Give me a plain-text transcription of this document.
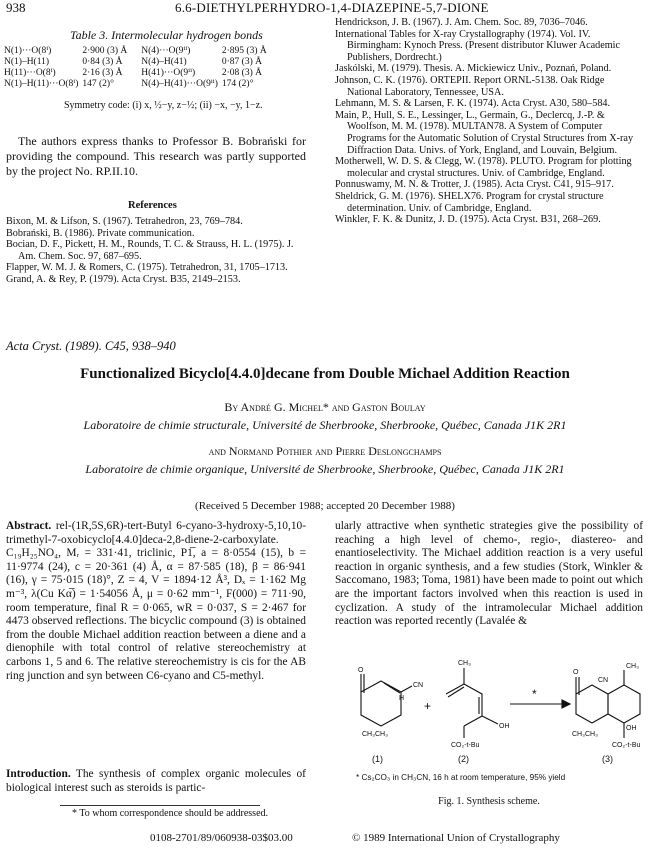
938	6.6-DIETHYLPERHYDRO-1,4-DIAZEPINE-5,7-DIONE
Table 3. Intermolecular hydrogen bonds
N(1)···O(8ⁱ)	2·900 (3) Å	N(4)···O(9ⁱⁱ)	2·895 (3) Å
N(1)–H(11)	0·84 (3) Å	N(4)–H(41)	0·87 (3) Å
H(11)···O(8ⁱ)	2·16 (3) Å	H(41)···O(9ⁱⁱ)	2·08 (3) Å
N(1)–H(11)···O(8ⁱ)	147 (2)°	N(4)–H(41)···O(9ⁱⁱ)	174 (2)°
Symmetry code: (i) x, ½−y, z−½; (ii) −x, −y, 1−z.
The authors express thanks to Professor B. Bobrański for providing the compound. This research was partly supported by the project No. RP.II.10.
References

Bixon, M. & Lifson, S. (1967). Tetrahedron, 23, 769–784.

Bobrański, B. (1986). Private communication.

Bocian, D. F., Pickett, H. M., Rounds, T. C. & Strauss, H. L. (1975). J. Am. Chem. Soc. 97, 687–695.

Flapper, W. M. J. & Romers, C. (1975). Tetrahedron, 31, 1705–1713.

Grand, A. & Rey, P. (1979). Acta Cryst. B35, 2149–2153.

Hendrickson, J. B. (1967). J. Am. Chem. Soc. 89, 7036–7046.

International Tables for X-ray Crystallography (1974). Vol. IV. Birmingham: Kynoch Press. (Present distributor Kluwer Academic Publishers, Dordrecht.)

Jaskólski, M. (1979). Thesis. A. Mickiewicz Univ., Poznań, Poland.

Johnson, C. K. (1976). ORTEPII. Report ORNL-5138. Oak Ridge National Laboratory, Tennessee, USA.

Lehmann, M. S. & Larsen, F. K. (1974). Acta Cryst. A30, 580–584.

Main, P., Hull, S. E., Lessinger, L., Germain, G., Declercq, J.-P. & Woolfson, M. M. (1978). MULTAN78. A System of Computer Programs for the Automatic Solution of Crystal Structures from X-ray Diffraction Data. Univs. of York, England, and Louvain, Belgium.

Motherwell, W. D. S. & Clegg, W. (1978). PLUTO. Program for plotting molecular and crystal structures. Univ. of Cambridge, England.

Ponnuswamy, M. N. & Trotter, J. (1985). Acta Cryst. C41, 915–917.

Sheldrick, G. M. (1976). SHELX76. Program for crystal structure determination. Univ. of Cambridge, England.

Winkler, F. K. & Dunitz, J. D. (1975). Acta Cryst. B31, 268–269.

Acta Cryst. (1989). C45, 938–940
Functionalized Bicyclo[4.4.0]decane from Double Michael Addition Reaction
By André G. Michel* and Gaston Boulay
Laboratoire de chimie structurale, Université de Sherbrooke, Sherbrooke, Québec, Canada J1K 2R1
and Normand Pothier and Pierre Deslongchamps
Laboratoire de chimie organique, Université de Sherbrooke, Sherbrooke, Québec, Canada J1K 2R1
(Received 5 December 1988; accepted 20 December 1988)
Abstract. rel-(1R,5S,6R)-tert-Butyl 6-cyano-3-hydroxy-5,10,10-trimethyl-7-oxobicyclo[4.4.0]deca-2,8-diene-2-carboxylate. C₁₉H₂₅NO₄, Mᵣ = 331·41, triclinic, P1̅, a = 8·0554 (15), b = 11·9774 (24), c = 20·361 (4) Å, α = 87·585 (18), β = 86·941 (16), γ = 75·015 (18)°, Z = 4, V = 1894·12 Å³, Dₓ = 1·162 Mg m⁻³, λ(Cu Kα̅) = 1·54056 Å, μ = 0·62 mm⁻¹, F(000) = 711·90, room temperature, final R = 0·065, wR = 0·037, S = 2·467 for 4473 observed reflections. The bicyclic compound (3) is obtained from the double Michael addition reaction between a diene and a dienophile with total control of relative stereochemistry at carbons 1, 5 and 6. The relative stereochemistry is cis for the AB ring junction and syn between C6-cyano and C5-methyl.
Introduction. The synthesis of complex organic molecules of biological interest such as steroids is partic-
* To whom correspondence should be addressed.
ularly attractive when synthetic strategies give the possibility of reaching a high level of chemo-, regio-, diastereo- and enantioselectivity. The Michael addition reaction is a very useful reaction in organic synthesis, and a few studies (Stork, Winkler & Saccomano, 1983; Toma, 1981) have been made to point out which are the important factors involved when this reaction is used in cyclization. A study of the intramolecular Michael addition reaction was reported recently (Lavalée &
O
CN
CH₃CH₃
H
CH₃
OH
CO₂-t-Bu
O
CN
CH₃
CH₃CH₃
CO₂-t-Bu
OH
+
*
(1)	(2)	(3)
* Cs₂CO₃ in CH₃CN, 16 h at room temperature, 95% yield
Fig. 1. Synthesis scheme.
0108-2701/89/060938-03$03.00	© 1989 International Union of Crystallography
